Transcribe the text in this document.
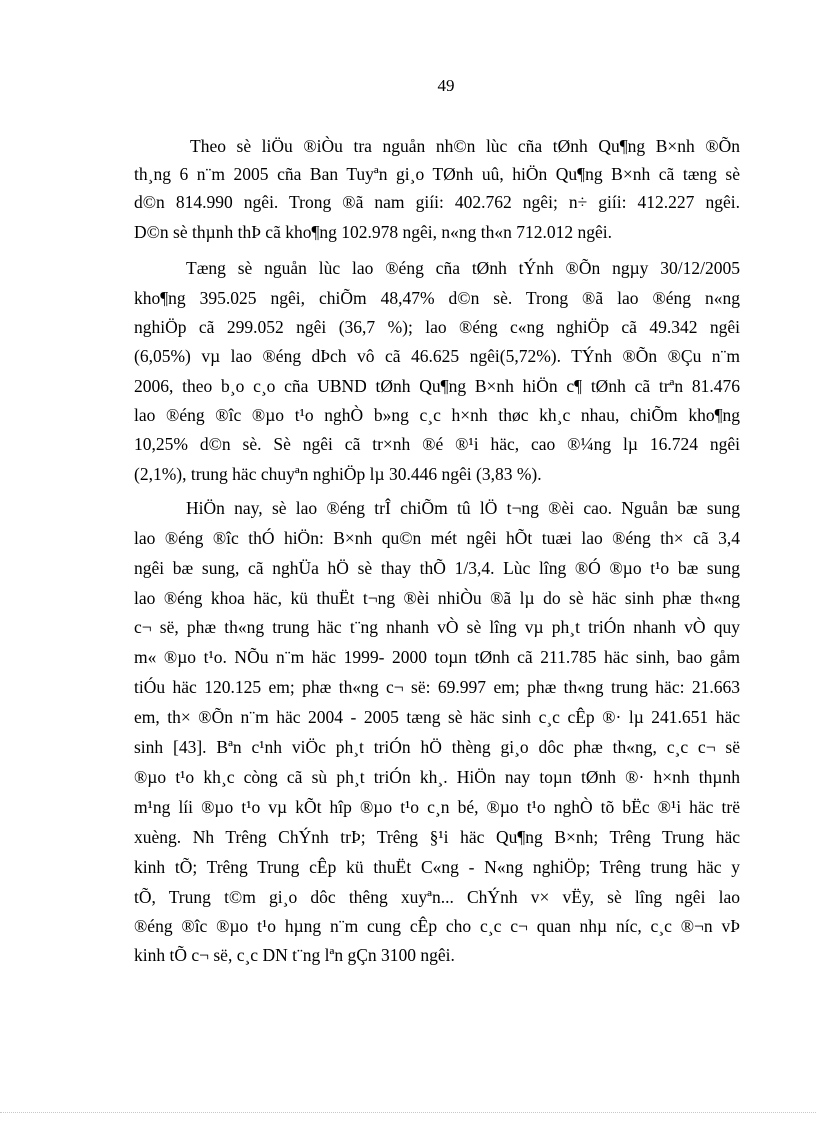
49

Theo sè liÖu ®iÒu tra nguån nh©n lùc cña tØnh Qu¶ng B×nh ®Õn

th¸ng 6 n¨m 2005 cña Ban Tuyªn gi¸o TØnh uû, hiÖn Qu¶ng B×nh cã tæng sè

d©n 814.990 ngêi. Trong ®ã nam giíi: 402.762 ngêi; n÷ giíi: 412.227 ngêi.

D©n sè thµnh thÞ cã kho¶ng 102.978 ngêi, n«ng th«n 712.012 ngêi.

Tæng sè nguån lùc lao ®éng cña tØnh tÝnh ®Õn ngµy 30/12/2005

kho¶ng 395.025 ngêi, chiÕm 48,47% d©n sè. Trong ®ã lao ®éng n«ng

nghiÖp cã 299.052 ngêi (36,7 %); lao ®éng c«ng nghiÖp cã 49.342 ngêi

(6,05%) vµ lao ®éng dÞch vô cã 46.625 ngêi(5,72%). TÝnh ®Õn ®Çu n¨m

2006, theo b¸o c¸o cña UBND tØnh Qu¶ng B×nh hiÖn c¶ tØnh cã trªn 81.476

lao ®éng ®îc ®µo t¹o nghÒ b»ng c¸c h×nh thøc kh¸c nhau, chiÕm kho¶ng

10,25% d©n sè. Sè ngêi cã tr×nh ®é ®¹i häc, cao ®¼ng lµ 16.724 ngêi

(2,1%), trung häc chuyªn nghiÖp lµ 30.446 ngêi (3,83 %).

HiÖn nay, sè lao ®éng trÎ chiÕm tû lÖ t¬ng ®èi cao. Nguån bæ sung

lao ®éng ®îc thÓ hiÖn: B×nh qu©n mét ngêi hÕt tuæi lao ®éng th× cã 3,4

ngêi bæ sung, cã nghÜa hÖ sè thay thÕ 1/3,4. Lùc lîng ®Ó ®µo t¹o bæ sung

lao ®éng khoa häc, kü thuËt t¬ng ®èi nhiÒu ®ã lµ do sè häc sinh phæ th«ng

c¬ së, phæ th«ng trung häc t¨ng nhanh vÒ sè lîng vµ ph¸t triÓn nhanh vÒ quy

m« ®µo t¹o. NÕu n¨m häc 1999- 2000 toµn tØnh cã 211.785 häc sinh, bao gåm

tiÓu häc 120.125 em; phæ th«ng c¬ së: 69.997 em; phæ th«ng trung häc: 21.663

em, th× ®Õn n¨m häc 2004 - 2005 tæng sè häc sinh c¸c cÊp ®· lµ 241.651 häc

sinh [43]. Bªn c¹nh viÖc ph¸t triÓn hÖ thèng gi¸o dôc phæ th«ng, c¸c c¬ së

®µo t¹o kh¸c còng cã sù ph¸t triÓn kh¸. HiÖn nay toµn tØnh ®· h×nh thµnh

m¹ng líi ®µo t¹o vµ kÕt hîp ®µo t¹o c¸n bé, ®µo t¹o nghÒ tõ bËc ®¹i häc trë

xuèng. Nh Trêng ChÝnh trÞ; Trêng §¹i häc Qu¶ng B×nh; Trêng Trung häc

kinh tÕ; Trêng Trung cÊp kü thuËt C«ng - N«ng nghiÖp; Trêng trung häc y

tÕ, Trung t©m gi¸o dôc thêng xuyªn... ChÝnh v× vËy, sè lîng ngêi lao

®éng ®îc ®µo t¹o hµng n¨m cung cÊp cho c¸c c¬ quan nhµ níc, c¸c ®¬n vÞ

kinh tÕ c¬ së, c¸c DN t¨ng lªn gÇn 3100 ngêi.
